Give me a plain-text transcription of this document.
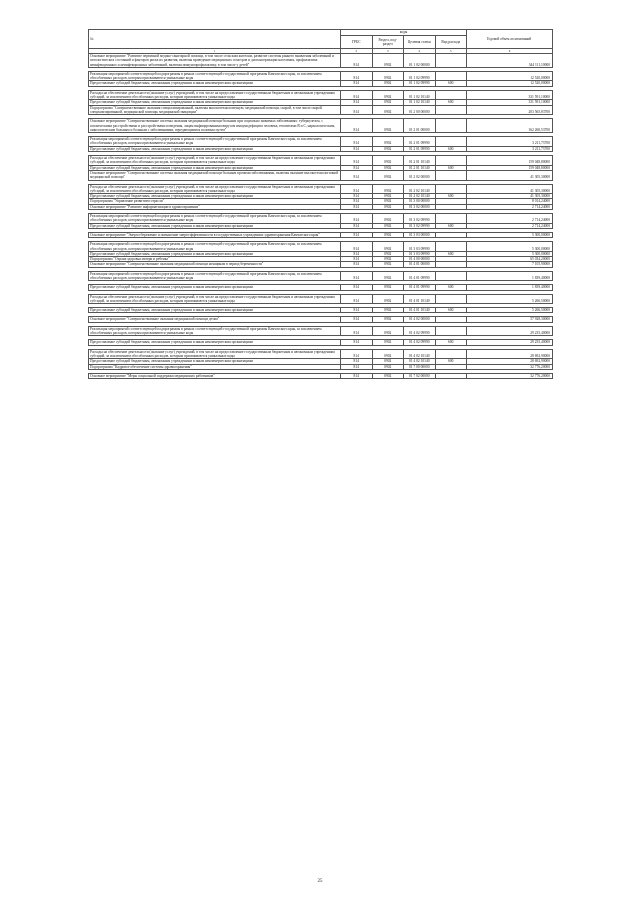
№	коды				Годовой объем ассигнований
	ГРБС	Раздел, под-раздел	Целевая статья	Вид расхода	
1	2	3	4	5	6
Основное мероприятие "Развитие первичной медико-санитарной помощи, в том числе сельским жителям, развитие системы раннего выявления заболеваний и патологических состояний и факторов риска их развития, включая проведение медицинских осмотров и диспансеризации населения, профилактика неинфекционных и неинфекционных заболеваний, включая иммунопрофилактику, в том числе у детей"	814	0902	01 1 02 00000		344 111,10000

Реализация мероприятий соответствующей подпрограммы в рамках соответствующей государственной программы Камчатского края, за исключением обособленных расходов, которым присваиваются уникальные коды	814	0902	01 1 02 09990		12 520,00000
Предоставление субсидий бюджетным, автономным учреждениям и иным некоммерческим организациям	814	0902	01 1 02 09990	600	12 520,00000

Расходы на обеспечение деятельности (оказание услуг) учреждений, в том числе на предоставление государственным бюджетным и автономным учреждениям субсидий, за исключением обособленных расходов, которым присваиваются уникальные коды	814	0902	01 1 02 10140		331 591,10000
Предоставление субсидий бюджетным, автономным учреждениям и иным некоммерческим организациям	814	0902	01 1 02 10140	600	331 591,10000
Подпрограмма "Совершенствование оказания специализированной, включая высокотехнологичную, медицинской помощи, скорой, в том числе скорой специализированной, медицинской помощи, медицинской эвакуации"	814	0902	01 2 00 00000		203 565,83700

Основное мероприятие "Совершенствование системы оказания медицинской помощи больным при социально значимых заболеваниях: туберкулезом, с психическими расстройствами и расстройствами поведения, лицам инфицированным вирусом иммунодефицита человека, гепатитами B и C, наркологическим, онкологическим больным и больным с заболеваниями, передающимися половым путем"	814	0902	01 2 01 00000		162 260,53700

Реализация мероприятий соответствующей подпрограммы в рамках соответствующей государственной программы Камчатского края, за исключением обособленных расходов, которым присваиваются уникальные коды	814	0902	01 2 01 09990		3 211,73700
Предоставление субсидий бюджетным, автономным учреждениям и иным некоммерческим организациям	814	0902	01 2 01 09990	600	3 211,73700

Расходы на обеспечение деятельности (оказание услуг) учреждений, в том числе на предоставление государственным бюджетным и автономным учреждениям субсидий, за исключением обособленных расходов, которым присваиваются уникальные коды	814	0902	01 2 01 10140		159 048,80000
Предоставление субсидий бюджетным, автономным учреждениям и иным некоммерческим организациям	814	0902	01 2 01 10140	600	159 048,80000
Основное мероприятие "Совершенствование системы оказания медицинской помощи больным прочими заболеваниями, включая оказание высокотехнологичной медицинской помощи"	814	0902	01 2 02 00000		41 305,30000

Расходы на обеспечение деятельности (оказание услуг) учреждений, в том числе на предоставление государственным бюджетным и автономным учреждениям субсидий, за исключением обособленных расходов, которым присваиваются уникальные коды	814	0902	01 2 02 10140		41 305,30000
Предоставление субсидий бюджетным, автономным учреждениям и иным некоммерческим организациям	814	0902	01 2 02 10140	600	41 305,30000
Подпрограмма "Управление развитием отрасли"	814	0902	01 3 00 00000		8 014,24000
Основное мероприятие "Развитие информатизации в здравоохранении"	814	0902	01 3 02 00000		2 714,24000

Реализация мероприятий соответствующей подпрограммы в рамках соответствующей государственной программы Камчатского края, за исключением обособленных расходов, которым присваиваются уникальные коды	814	0902	01 3 02 09990		2 714,24000
Предоставление субсидий бюджетным, автономным учреждениям и иным некоммерческим организациям	814	0902	01 3 02 09990	600	2 714,24000

Основное мероприятие "Энергосбережение и повышение энергоэффективности в государственных учреждениях здравоохранения Камчатского края"	814	0902	01 3 03 00000		5 300,00000

Реализация мероприятий соответствующей подпрограммы в рамках соответствующей государственной программы Камчатского края, за исключением обособленных расходов, которым присваиваются уникальные коды	814	0902	01 3 03 09990		5 300,00000
Предоставление субсидий бюджетным, автономным учреждениям и иным некоммерческим организациям	814	0902	01 3 03 09990	600	5 300,00000
Подпрограмма "Охрана здоровья матери и ребенка"	814	0902	01 4 00 00000		65 034,20000
Основное мероприятие "Совершенствование оказания медицинской помощи женщинам в период беременности"	814	0902	01 4 01 00000		7 105,90000

Реализация мероприятий соответствующей подпрограммы в рамках соответствующей государственной программы Камчатского края, за исключением обособленных расходов, которым присваиваются уникальные коды	814	0902	01 4 01 09990		1 839,40000

Предоставление субсидий бюджетным, автономным учреждениям и иным некоммерческим организациям	814	0902	01 4 01 09990	600	1 839,40000

Расходы на обеспечение деятельности (оказание услуг) учреждений, в том числе на предоставление государственным бюджетным и автономным учреждениям субсидий, за исключением обособленных расходов, которым присваиваются уникальные коды	814	0902	01 4 01 10140		5 266,50000

Предоставление субсидий бюджетным, автономным учреждениям и иным некоммерческим организациям	814	0902	01 4 01 10140	600	5 266,50000

Основное мероприятие "Совершенствование оказания медицинской помощи детям"	814	0902	01 4 02 00000		57 928,30000

Реализация мероприятий соответствующей подпрограммы в рамках соответствующей государственной программы Камчатского края, за исключением обособленных расходов, которым присваиваются уникальные коды	814	0902	01 4 02 09990		29 235,40000

Предоставление субсидий бюджетным, автономным учреждениям и иным некоммерческим организациям	814	0902	01 4 02 09990	600	29 235,40000

Расходы на обеспечение деятельности (оказание услуг) учреждений, в том числе на предоставление государственным бюджетным и автономным учреждениям субсидий, за исключением обособленных расходов, которым присваиваются уникальные коды	814	0902	01 4 02 10140		28 692,90000
Предоставление субсидий бюджетным, автономным учреждениям и иным некоммерческим организациям	814	0902	01 4 02 10140	600	28 692,90000
Подпрограмма "Кадровое обеспечение системы здравоохранения"	814	0902	01 7 00 00000		32 776,20000

Основное мероприятие "Меры социальной поддержки медицинских работников"	814	0902	01 7 02 00000		32 776,20000
25
